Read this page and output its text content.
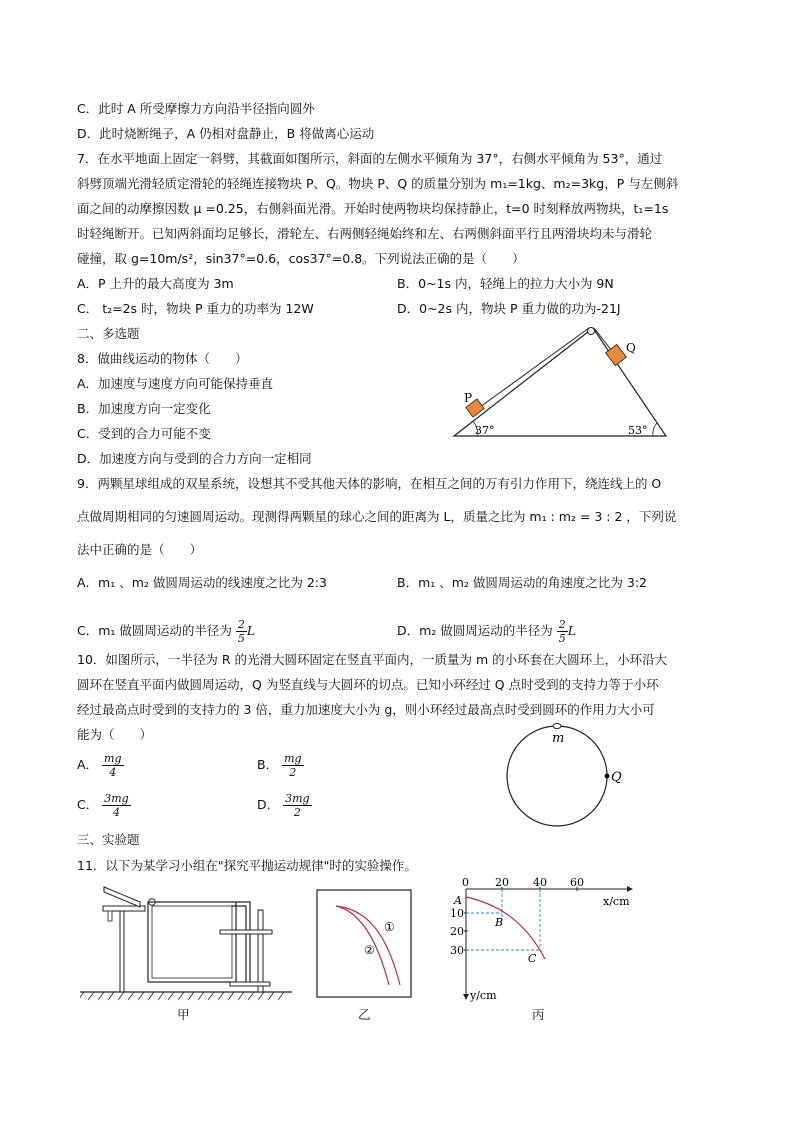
C．此时 A 所受摩擦力方向沿半径指向圆外
D．此时烧断绳子，A 仍相对盘静止，B 将做离心运动
7．在水平地面上固定一斜劈，其截面如图所示，斜面的左侧水平倾角为 37°，右侧水平倾角为 53°，通过
斜劈顶端光滑轻质定滑轮的轻绳连接物块 P、Q。物块 P、Q 的质量分别为 m₁=1kg、m₂=3kg，P 与左侧斜
面之间的动摩擦因数 μ =0.25，右侧斜面光滑。开始时使两物块均保持静止，t=0 时刻释放两物块，t₁=1s
时轻绳断开。已知两斜面均足够长，滑轮左、右两侧轻绳始终和左、右两侧斜面平行且两滑块均未与滑轮
碰撞，取 g=10m/s²，sin37°=0.6，cos37°=0.8。下列说法正确的是（　　）
A．P 上升的最大高度为 3m	B．0~1s 内，轻绳上的拉力大小为 9N
C． t₂=2s 时，物块 P 重力的功率为 12W	D．0~2s 内，物块 P 重力做的功为-21J
二、多选题
8．做曲线运动的物体（　　）
A．加速度与速度方向可能保持垂直
B．加速度方向一定变化
C．受到的合力可能不变
D．加速度方向与受到的合力方向一定相同
P
Q
37°	53°
9．两颗星球组成的双星系统，设想其不受其他天体的影响，在相互之间的万有引力作用下，绕连线上的 O
点做周期相同的匀速圆周运动。现测得两颗星的球心之间的距离为 L，质量之比为 m₁ : m₂ = 3 : 2 ，下列说
法中正确的是（　　）
A．m₁ 、m₂ 做圆周运动的线速度之比为 2:3	B．m₁ 、m₂ 做圆周运动的角速度之比为 3:2
C．m₁ 做圆周运动的半径为 $\frac{2}{5}$ L	D．m₂ 做圆周运动的半径为 $\frac{2}{5}$ L
10．如图所示，一半径为 R 的光滑大圆环固定在竖直平面内，一质量为 m 的小环套在大圆环上，小环沿大
圆环在竖直平面内做圆周运动，Q 为竖直线与大圆环的切点。已知小环经过 Q 点时受到的支持力等于小环
经过最高点时受到的支持力的 3 倍，重力加速度大小为 g，则小环经过最高点时受到圆环的作用力大小可
能为（　　）
A． $\frac{mg}{4}$	B． $\frac{mg}{2}$
C． $\frac{3mg}{4}$	D． $\frac{3mg}{2}$
m
Q
三、实验题
11．以下为某学习小组在"探究平抛运动规律"时的实验操作。
甲
①
②
乙
0 20 40 60
10
20
30
A
B
C
x/cm
y/cm
丙
